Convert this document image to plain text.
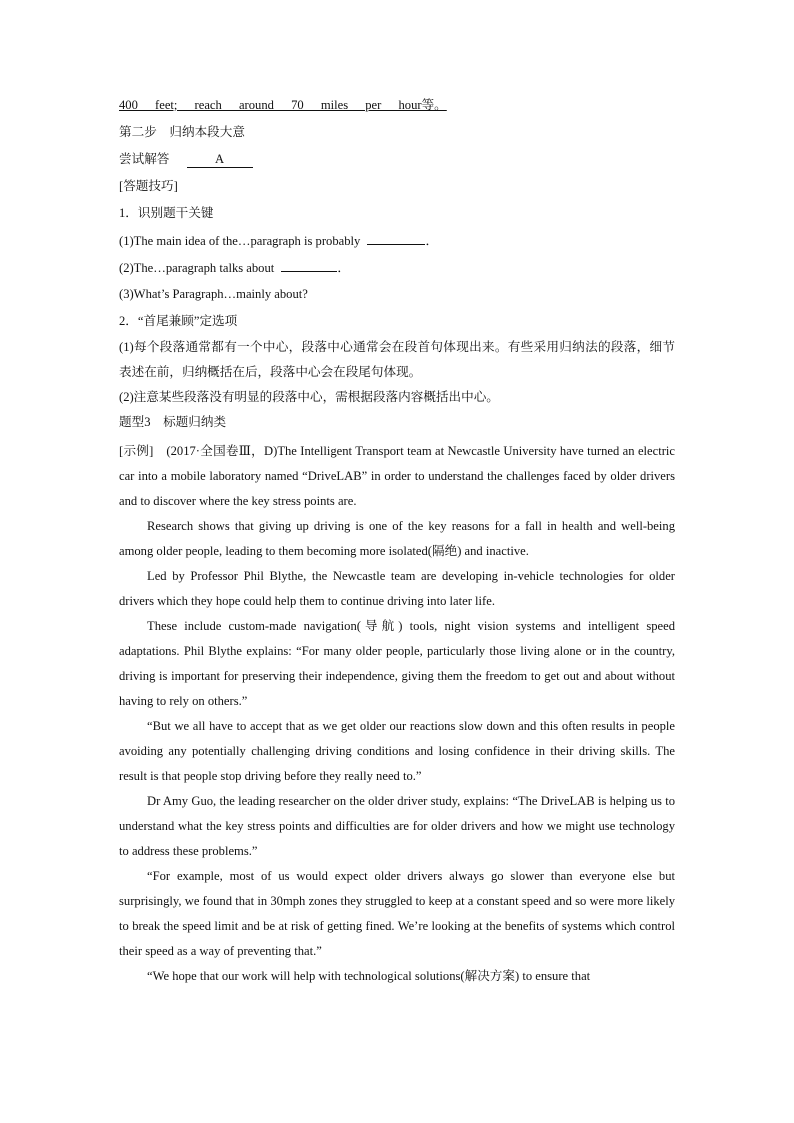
400 feet; reach around 70 miles per hour等。
第二步　归纳本段大意
尝试解答	A
[答题技巧]
1．识别题干关键
(1)The main idea of the…paragraph is probably	．
(2)The…paragraph talks about	．
(3)What’s Paragraph…mainly about?
2．“首尾兼顾”定选项

(1)每个段落通常都有一个中心，段落中心通常会在段首句体现出来。有些采用归纳法的段落，细节表述在前，归纳概括在后，段落中心会在段尾句体现。

(2)注意某些段落没有明显的段落中心，需根据段落内容概括出中心。

题型3　标题归纳类

[示例]　(2017·全国卷Ⅲ，D)The Intelligent Transport team at Newcastle University have turned an electric car into a mobile laboratory named “DriveLAB” in order to understand the challenges faced by older drivers and to discover where the key stress points are.

Research shows that giving up driving is one of the key reasons for a fall in health and well-being among older people, leading to them becoming more isolated(隔绝) and inactive.

Led by Professor Phil Blythe, the Newcastle team are developing in-vehicle technologies for older drivers which they hope could help them to continue driving into later life.

These include custom-made navigation(导航) tools, night vision systems and intelligent speed adaptations. Phil Blythe explains: “For many older people, particularly those living alone or in the country, driving is important for preserving their independence, giving them the freedom to get out and about without having to rely on others.”

“But we all have to accept that as we get older our reactions slow down and this often results in people avoiding any potentially challenging driving conditions and losing confidence in their driving skills. The result is that people stop driving before they really need to.”

Dr Amy Guo, the leading researcher on the older driver study, explains: “The DriveLAB is helping us to understand what the key stress points and difficulties are for older drivers and how we might use technology to address these problems.”

“For example, most of us would expect older drivers always go slower than everyone else but surprisingly, we found that in 30mph zones they struggled to keep at a constant speed and so were more likely to break the speed limit and be at risk of getting fined. We’re looking at the benefits of systems which control their speed as a way of preventing that.”

“We hope that our work will help with technological solutions(解决方案) to ensure that
